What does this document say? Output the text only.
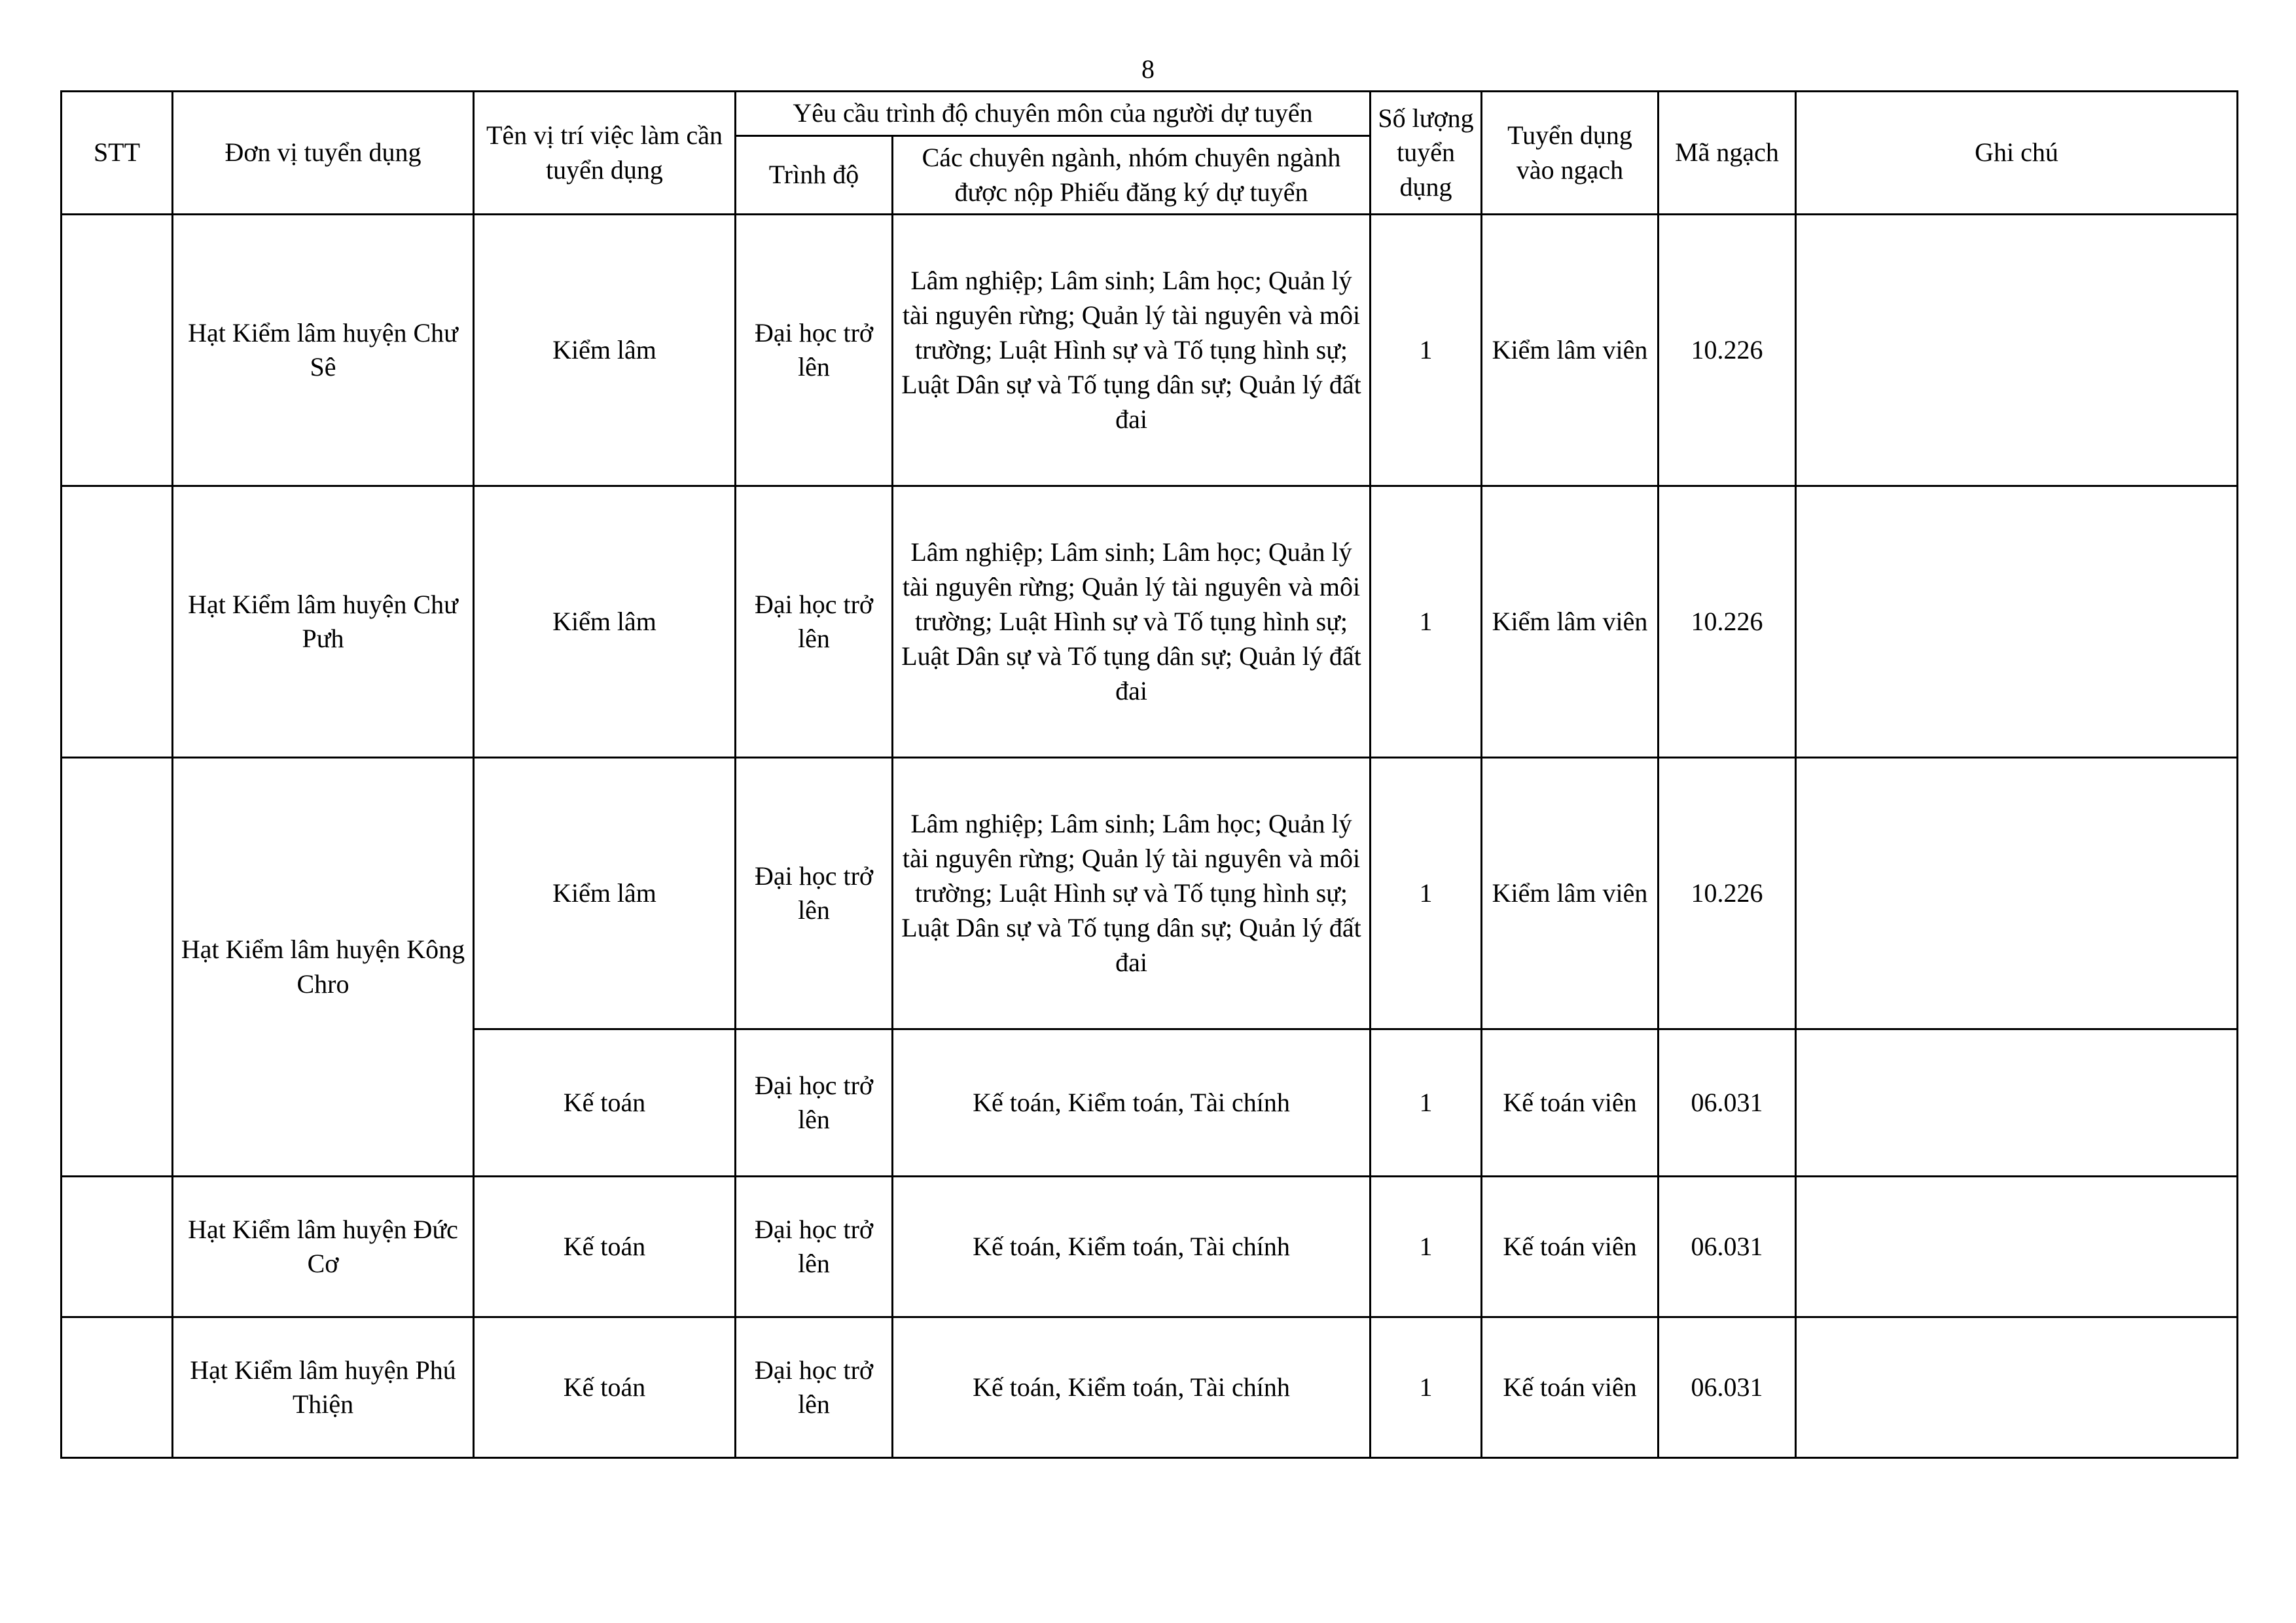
8
STT	Đơn vị tuyển dụng	Tên vị trí việc làm cần tuyển dụng	Yêu cầu trình độ chuyên môn của người dự tuyển		Số lượng tuyển dụng	Tuyển dụng vào ngạch	Mã ngạch	Ghi chú
			Trình độ	Các chuyên ngành, nhóm chuyên ngành được nộp Phiếu đăng ký dự tuyển				
	Hạt Kiểm lâm huyện Chư Sê	Kiểm lâm	Đại học trở lên	Lâm nghiệp; Lâm sinh; Lâm học; Quản lý tài nguyên rừng; Quản lý tài nguyên và môi trường; Luật Hình sự và Tố tụng hình sự; Luật Dân sự và Tố tụng dân sự; Quản lý đất đai	1	Kiểm lâm viên	10.226	
	Hạt Kiểm lâm huyện Chư Pưh	Kiểm lâm	Đại học trở lên	Lâm nghiệp; Lâm sinh; Lâm học; Quản lý tài nguyên rừng; Quản lý tài nguyên và môi trường; Luật Hình sự và Tố tụng hình sự; Luật Dân sự và Tố tụng dân sự; Quản lý đất đai	1	Kiểm lâm viên	10.226	
	Hạt Kiểm lâm huyện Kông Chro	Kiểm lâm	Đại học trở lên	Lâm nghiệp; Lâm sinh; Lâm học; Quản lý tài nguyên rừng; Quản lý tài nguyên và môi trường; Luật Hình sự và Tố tụng hình sự; Luật Dân sự và Tố tụng dân sự; Quản lý đất đai	1	Kiểm lâm viên	10.226	
		Kế toán	Đại học trở lên	Kế toán, Kiểm toán, Tài chính	1	Kế toán viên	06.031	
	Hạt Kiểm lâm huyện Đức Cơ	Kế toán	Đại học trở lên	Kế toán, Kiểm toán, Tài chính	1	Kế toán viên	06.031	
	Hạt Kiểm lâm huyện Phú Thiện	Kế toán	Đại học trở lên	Kế toán, Kiểm toán, Tài chính	1	Kế toán viên	06.031	
